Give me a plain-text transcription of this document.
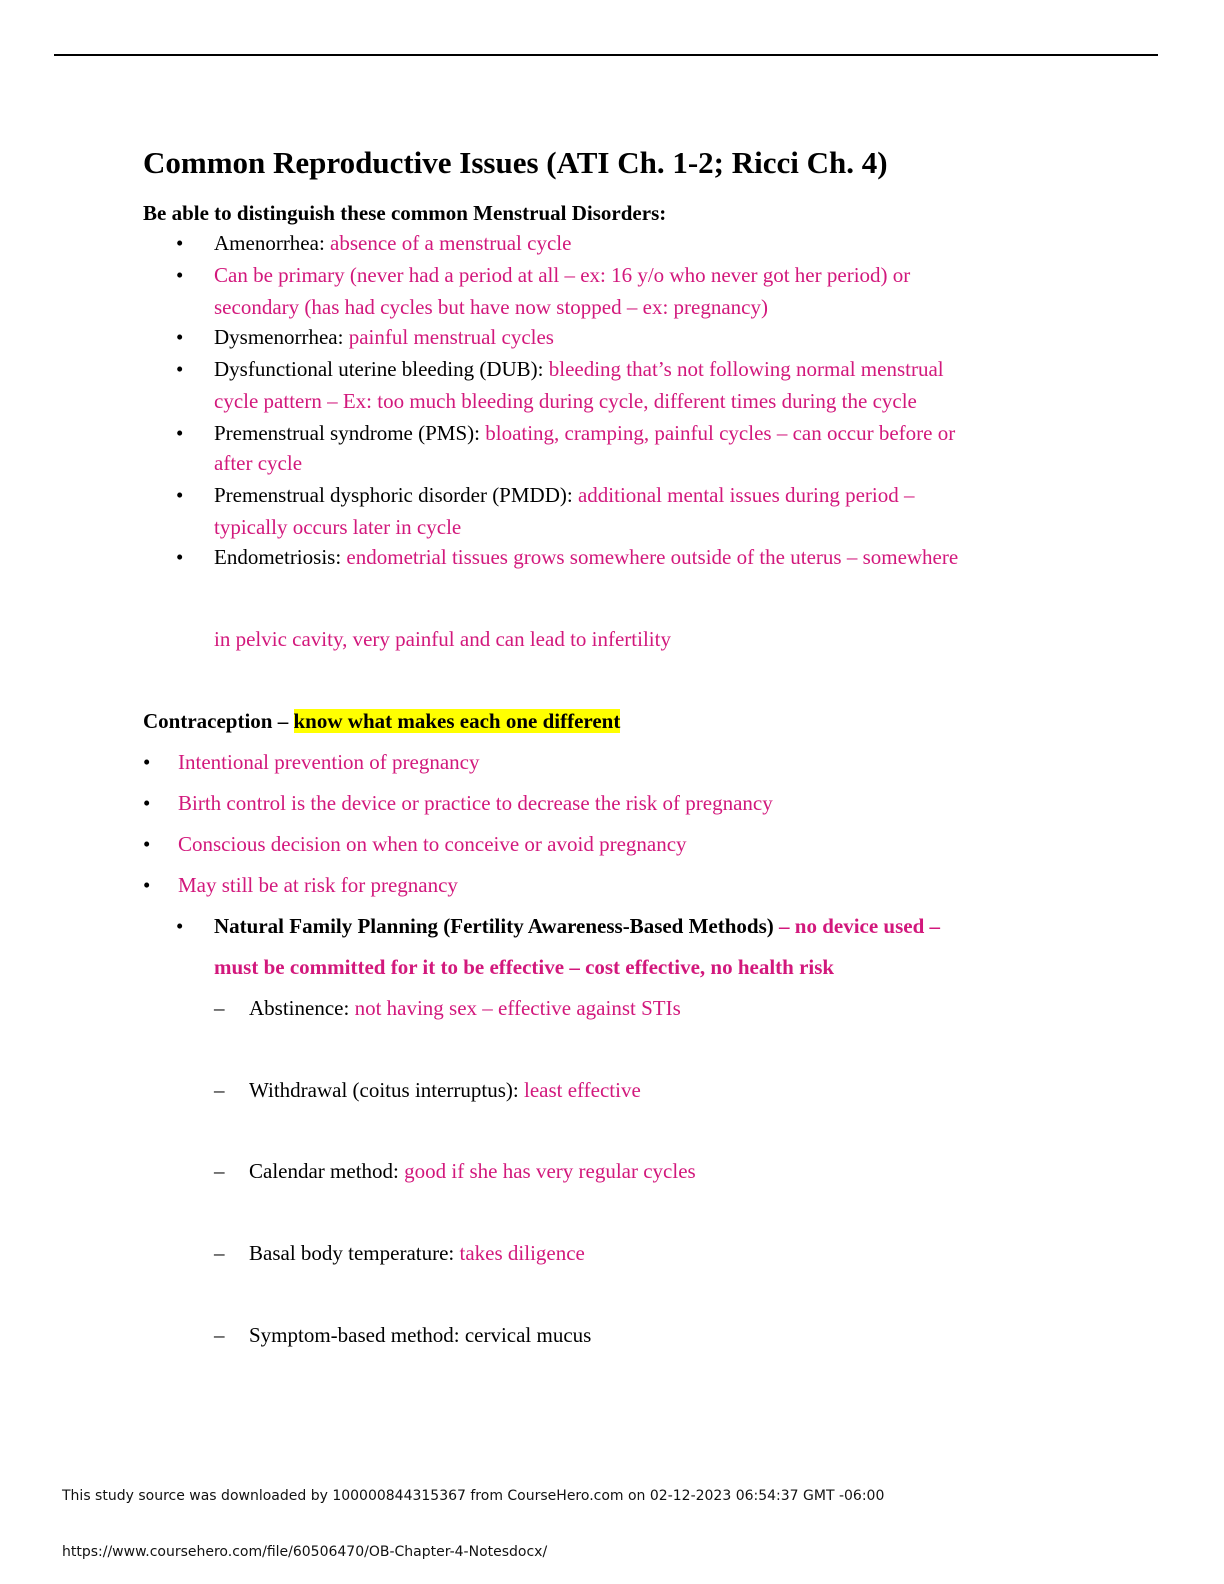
Common Reproductive Issues (ATI Ch. 1-2; Ricci Ch. 4)
Be able to distinguish these common Menstrual Disorders:
• Amenorrhea: absence of a menstrual cycle
• Can be primary (never had a period at all – ex: 16 y/o who never got her period) or
secondary (has had cycles but have now stopped – ex: pregnancy)
• Dysmenorrhea: painful menstrual cycles
• Dysfunctional uterine bleeding (DUB): bleeding that’s not following normal menstrual
cycle pattern – Ex: too much bleeding during cycle, different times during the cycle
• Premenstrual syndrome (PMS): bloating, cramping, painful cycles – can occur before or
after cycle
• Premenstrual dysphoric disorder (PMDD): additional mental issues during period –
typically occurs later in cycle
• Endometriosis: endometrial tissues grows somewhere outside of the uterus – somewhere
in pelvic cavity, very painful and can lead to infertility
Contraception – know what makes each one different
• Intentional prevention of pregnancy
• Birth control is the device or practice to decrease the risk of pregnancy
• Conscious decision on when to conceive or avoid pregnancy
• May still be at risk for pregnancy
• Natural Family Planning (Fertility Awareness-Based Methods) – no device used –
must be committed for it to be effective – cost effective, no health risk
– Abstinence: not having sex – effective against STIs
– Withdrawal (coitus interruptus): least effective
– Calendar method: good if she has very regular cycles
– Basal body temperature: takes diligence
– Symptom-based method: cervical mucus
This study source was downloaded by 100000844315367 from CourseHero.com on 02-12-2023 06:54:37 GMT -06:00
https://www.coursehero.com/file/60506470/OB-Chapter-4-Notesdocx/
